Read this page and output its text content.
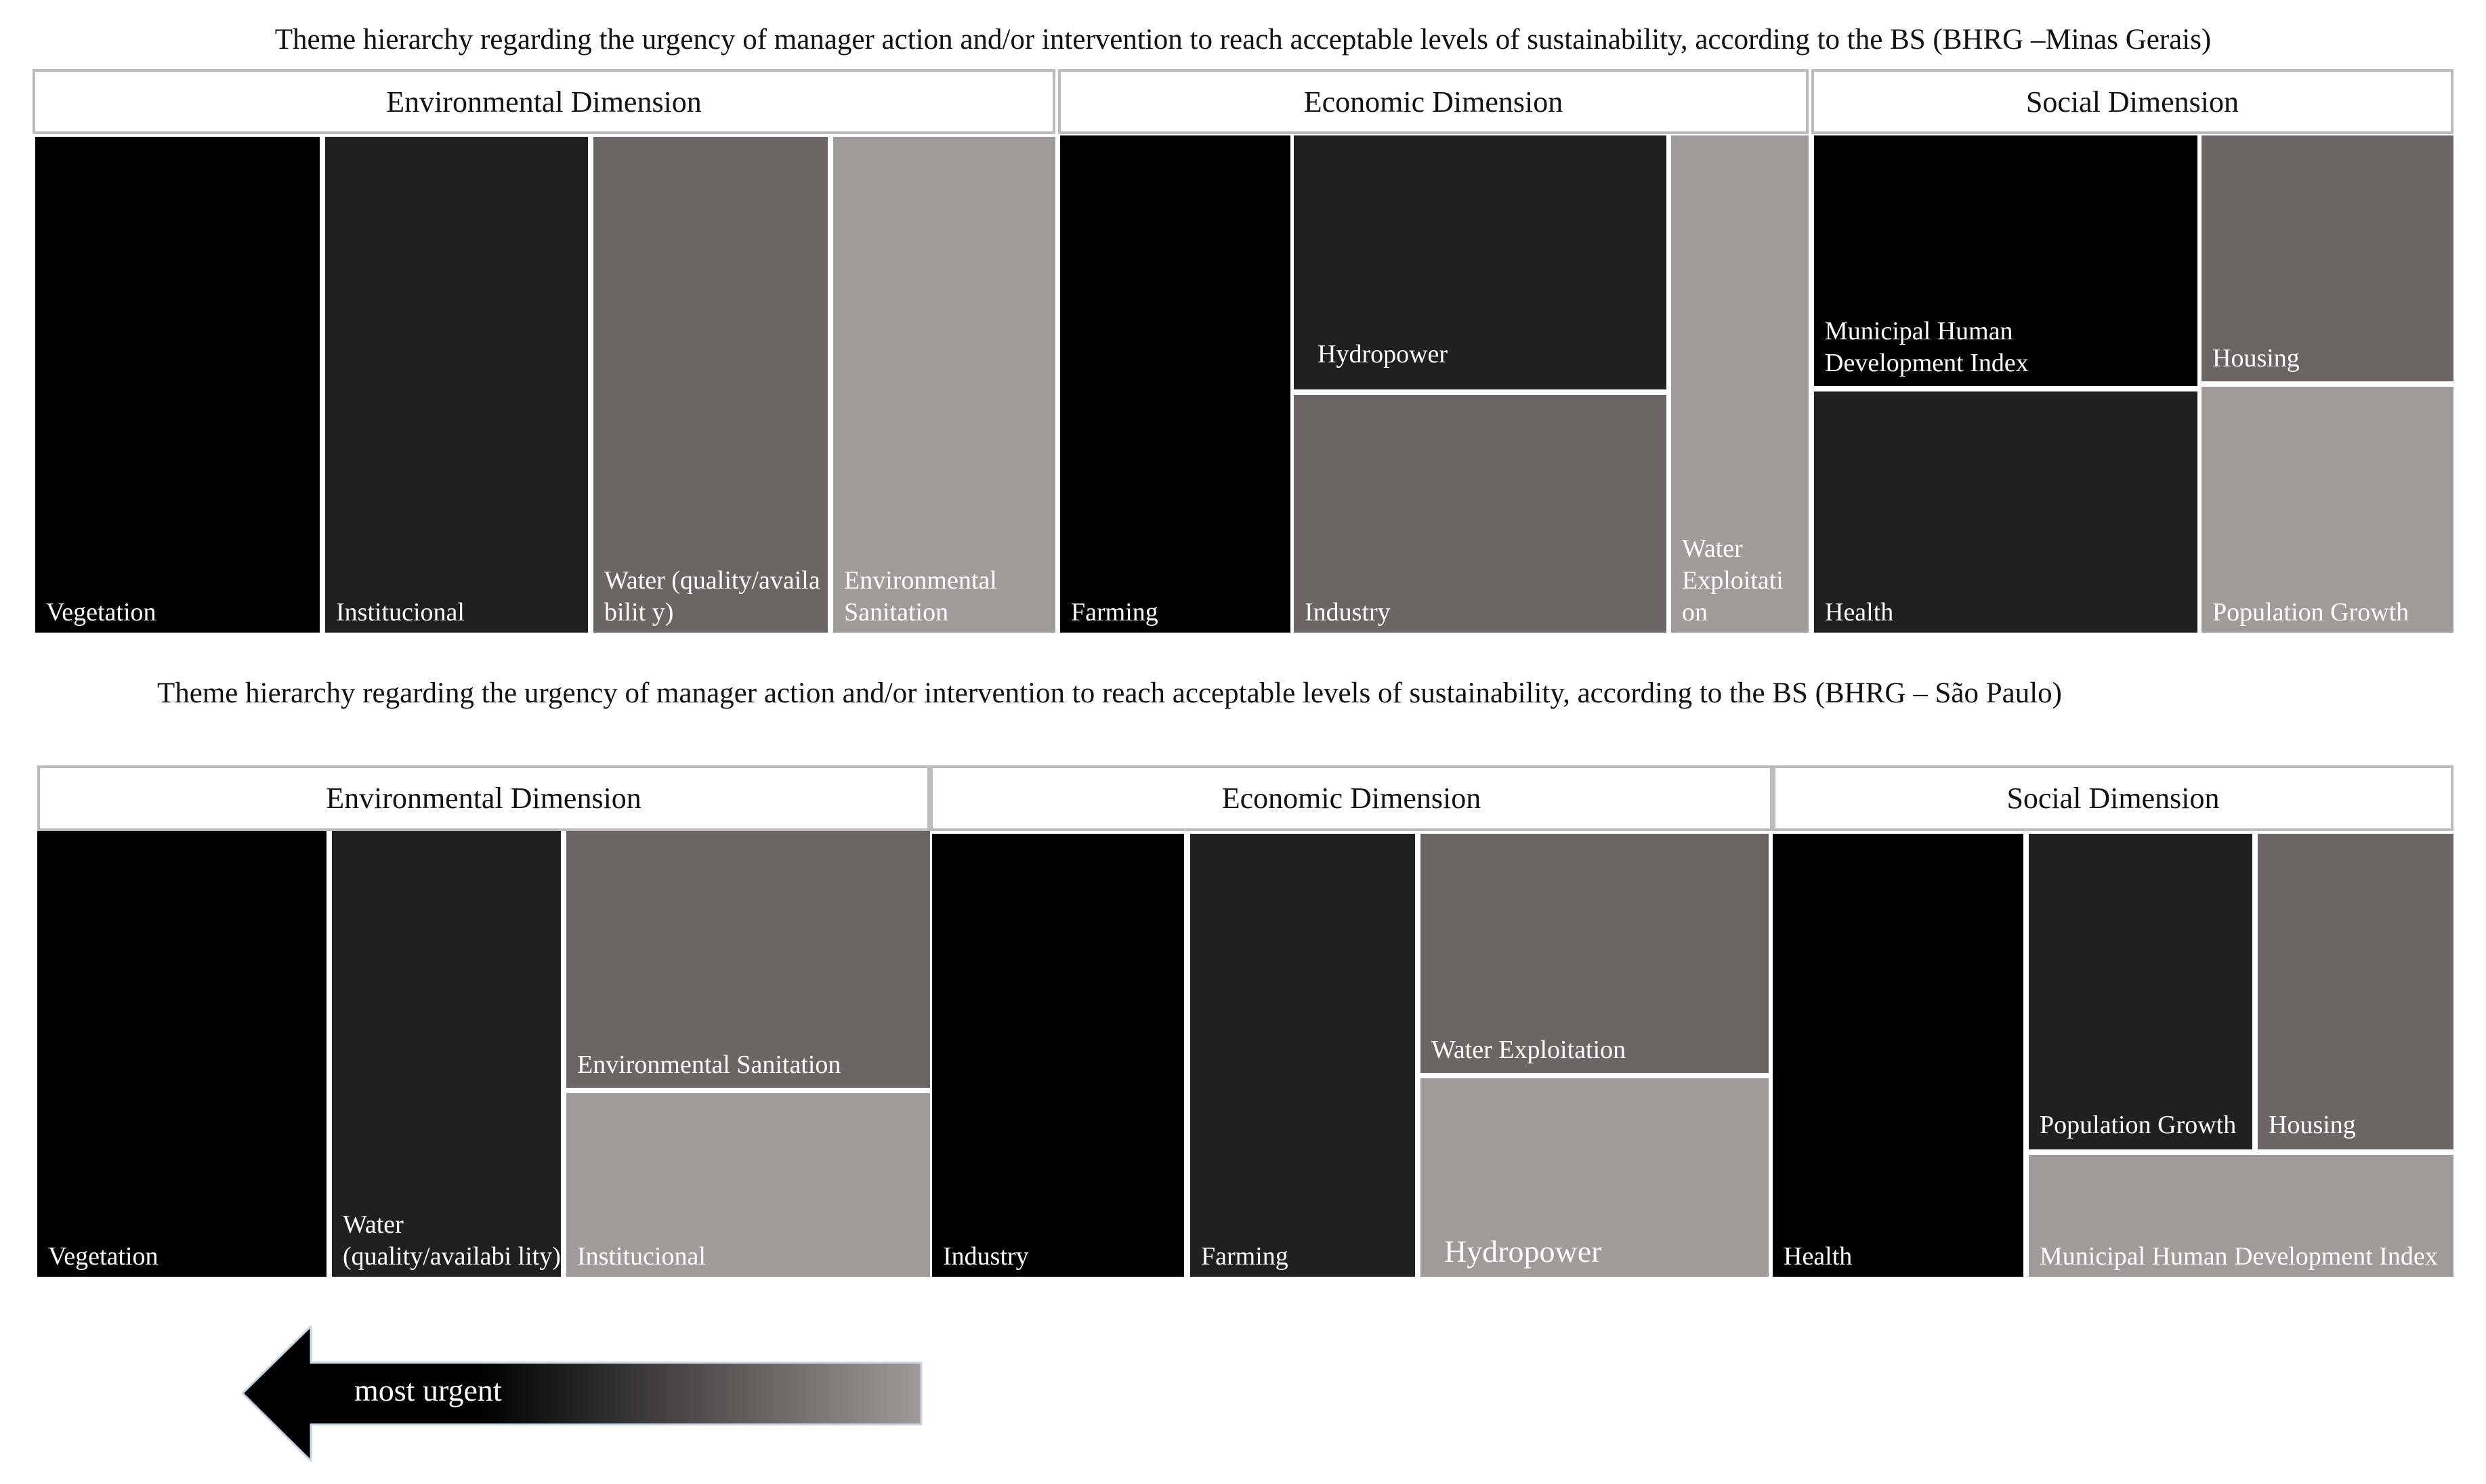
Theme hierarchy regarding the urgency of manager action and/or intervention to reach acceptable levels of sustainability, according to the BS (BHRG –Minas Gerais)
Environmental Dimension	Economic Dimension	Social Dimension
Vegetation	Institucional
Water (quality/availabilit y)
Environmental Sanitation	Farming
Hydropower
Industry
Water Exploitati on
Municipal Human Development Index	Housing
Health	Population Growth
Theme hierarchy regarding the urgency of manager action and/or intervention to reach acceptable levels of sustainability, according to the BS (BHRG – São Paulo)
Environmental Dimension	Economic Dimension	Social Dimension
Vegetation
Water (quality/availabi lity)
Environmental Sanitation
Institucional	Industry	Farming
Water Exploitation
Hydropower	Health
Population Growth	Housing
Municipal Human Development Index
most urgent
